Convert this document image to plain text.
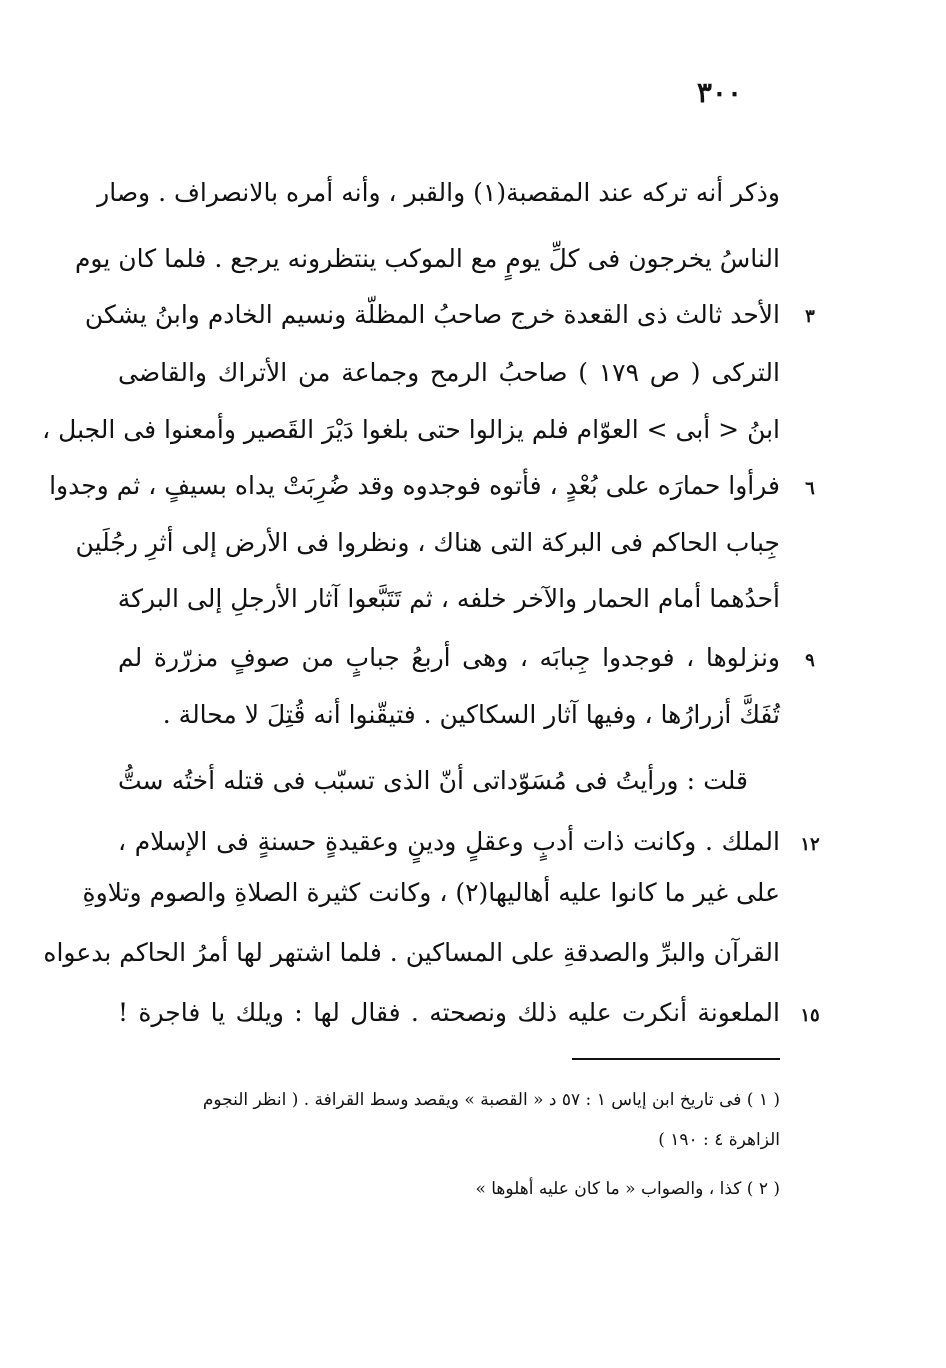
٣٠٠
وذكر أنه تركه عند المقصبة(١) والقبر ، وأنه أمره بالانصراف . وصار
الناسُ يخرجون فى كلِّ يومٍ مع الموكب ينتظرونه يرجع . فلما كان يوم
الأحد ثالث ذى القعدة خرج صاحبُ المظلّة ونسيم الخادم وابنُ يشكن
التركى ( ص ١٧٩ ) صاحبُ الرمح وجماعة من الأتراك والقاضى
ابنُ < أبى > العوّام فلم يزالوا حتى بلغوا دَيْرَ القَصير وأمعنوا فى الجبل ،
فرأوا حمارَه على بُعْدٍ ، فأتوه فوجدوه وقد ضُرِبَتْ يداه بسيفٍ ، ثم وجدوا
جِباب الحاكم فى البركة التى هناك ، ونظروا فى الأرض إلى أثرِ رجُلَين
أحدُهما أمام الحمار والآخر خلفه ، ثم تَتَبَّعوا آثار الأرجلِ إلى البركة
ونزلوها ، فوجدوا جِبابَه ، وهى أربعُ جبابٍ من صوفٍ مزرّرة لم
تُفَكَّ أزرارُها ، وفيها آثار السكاكين . فتيقّنوا أنه قُتِلَ لا محالة .
قلت : ورأيتُ فى مُسَوّداتى أنّ الذى تسبّب فى قتله أختُه ستُّ
الملك . وكانت ذات أدبٍ وعقلٍ ودينٍ وعقيدةٍ حسنةٍ فى الإسلام ،
على غير ما كانوا عليه أهاليها(٢) ، وكانت كثيرة الصلاةِ والصوم وتلاوةِ
القرآن والبرِّ والصدقةِ على المساكين . فلما اشتهر لها أمرُ الحاكم بدعواه
الملعونة أنكرت عليه ذلك ونصحته . فقال لها : ويلك يا فاجرة !
٣
٦
٩
١٢
١٥
( ١ ) فى تاريخ ابن إياس ١ : ٥٧ د « القصبة » ويقصد وسط القرافة . ( انظر النجوم
الزاهرة ٤ : ١٩٠ )
( ٢ ) كذا ، والصواب « ما كان عليه أهلوها »
